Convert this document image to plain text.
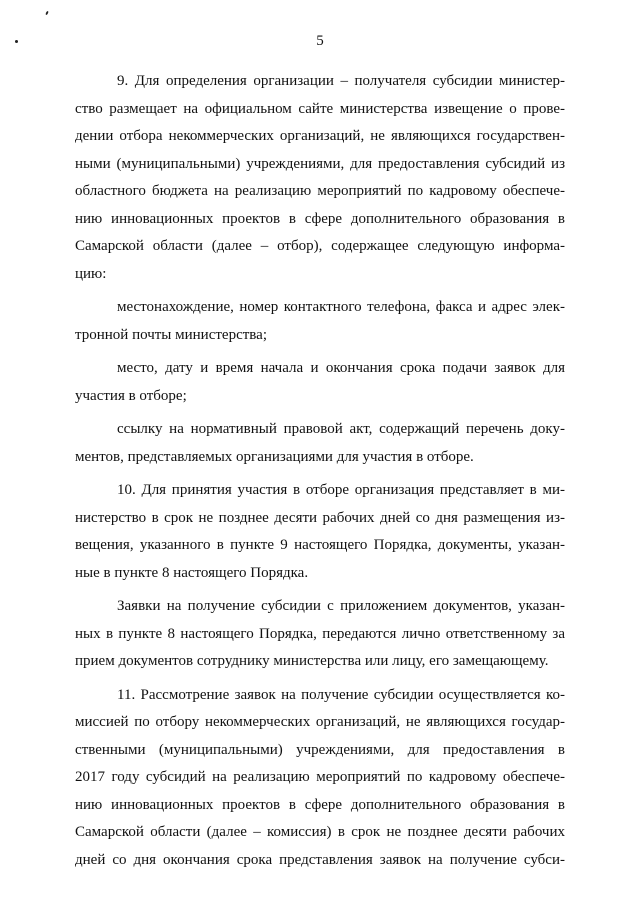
5
9. Для определения организации – получателя субсидии министер-
ство размещает на официальном сайте министерства извещение о прове-
дении отбора некоммерческих организаций, не являющихся государствен-
ными (муниципальными) учреждениями, для предоставления субсидий из
областного бюджета на реализацию мероприятий по кадровому обеспече-
нию инновационных проектов в сфере дополнительного образования в
Самарской области (далее – отбор), содержащее следующую информа-
цию:
местонахождение, номер контактного телефона, факса и адрес элек-
тронной почты министерства;
место, дату и время начала и окончания срока подачи заявок для
участия в отборе;
ссылку на нормативный правовой акт, содержащий перечень доку-
ментов, представляемых организациями для участия в отборе.
10. Для принятия участия в отборе организация представляет в ми-
нистерство в срок не позднее десяти рабочих дней со дня размещения из-
вещения, указанного в пункте 9 настоящего Порядка, документы, указан-
ные в пункте 8 настоящего Порядка.
Заявки на получение субсидии с приложением документов, указан-
ных в пункте 8 настоящего Порядка, передаются лично ответственному за
прием документов сотруднику министерства или лицу, его замещающему.
11. Рассмотрение заявок на получение субсидии осуществляется ко-
миссией по отбору некоммерческих организаций, не являющихся государ-
ственными (муниципальными) учреждениями, для предоставления в
2017 году субсидий на реализацию мероприятий по кадровому обеспече-
нию инновационных проектов в сфере дополнительного образования в
Самарской области (далее – комиссия) в срок не позднее десяти рабочих
дней со дня окончания срока представления заявок на получение субси-
